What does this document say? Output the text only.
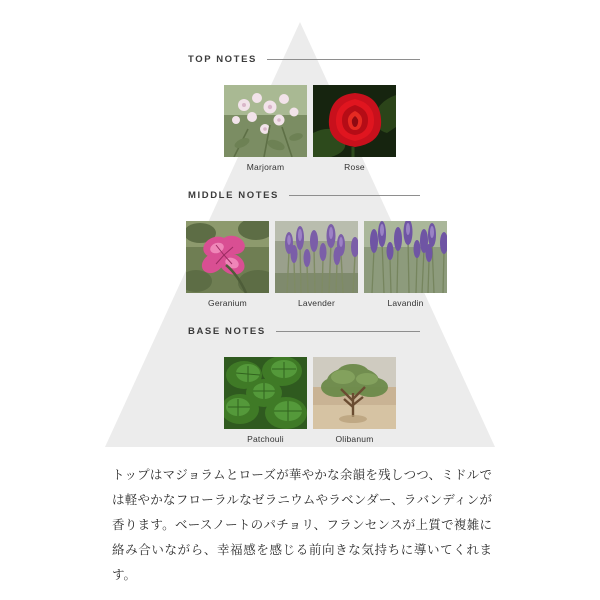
TOP NOTES
Marjoram	Rose
MIDDLE NOTES
Geranium	Lavender	Lavandin
BASE NOTES
Patchouli	Olibanum
トップはマジョラムとローズが華やかな余韻を残しつつ、ミドルでは軽やかなフローラルなゼラニウムやラベンダー、ラバンディンが香ります。ベースノートのパチョリ、フランセンスが上質で複雑に絡み合いながら、幸福感を感じる前向きな気持ちに導いてくれます。
